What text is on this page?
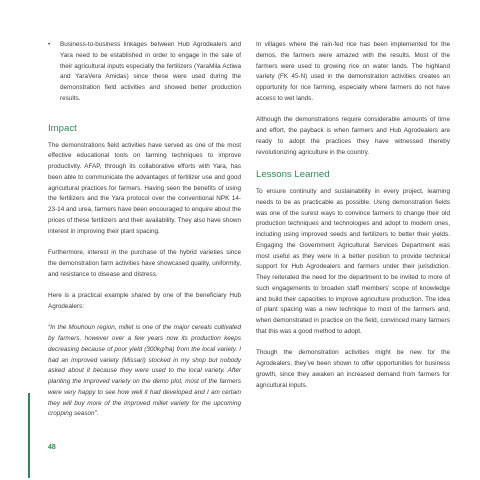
•	Business-to-business linkages between Hub Agrodealers and Yara need to be established in order to engage in the sale of their agricultural inputs especially the fertilizers (YaraMila Actiwa and YaraVera Amidas) since these were used during the demonstration field activities and showed better production results.
Impact

The demonstrations field activities have served as one of the most effective educational tools on farming techniques to improve productivity. AFAP, through its collaborative efforts with Yara, has been able to communicate the advantages of fertilizer use and good agricultural practices for farmers. Having seen the benefits of using the fertilizers and the Yara protocol over the conventional NPK 14-23-14 and urea, farmers have been encouraged to enquire about the prices of these fertilizers and their availability. They also have shown interest in improving their plant spacing.

Furthermore, interest in the purchase of the hybrid varieties since the demonstration farm activities have showcased quality, uniformity, and resistance to disease and distress.

Here is a practical example shared by one of the beneficiary Hub Agrodealers:

“In the Mouhoun region, millet is one of the major cereals cultivated by farmers, however over a few years now its production keeps decreasing because of poor yield (300kg/ha) from the local variety. I had an improved variety (Missari) stocked in my shop but nobody asked about it because they were used to the local variety. After planting the improved variety on the demo plot, most of the farmers were very happy to see how well it had developed and I am certain they will buy more of the improved millet variety for the upcoming cropping season”.

In villages where the rain-fed rice has been implemented for the demos, the farmers were amazed with the results. Most of the farmers were used to growing rice on water lands. The highland variety (FK 45-N) used in the demonstration activities creates an opportunity for rice farming, especially where farmers do not have access to wet lands.

Although the demonstrations require considerable amounts of time and effort, the payback is when farmers and Hub Agrodealers are ready to adopt the practices they have witnessed thereby revolutionizing agriculture in the country.

Lessons Learned

To ensure continuity and sustainability in every project, learning needs to be as practicable as possible. Using demonstration fields was one of the surest ways to convince farmers to change their old production techniques and technologies and adopt to modern ones, including using improved seeds and fertilizers to better their yields. Engaging the Government Agricultural Services Department was most useful as they were in a better position to provide technical support for Hub Agrodealers and farmers under their jurisdiction. They reiterated the need for the department to be invited to more of such engagements to broaden staff members’ scope of knowledge and build their capacities to improve agriculture production. The idea of plant spacing was a new technique to most of the farmers and, when demonstrated in practice on the field, convinced many farmers that this was a good method to adopt.

Though the demonstration activities might be new for the Agrodealers, they’ve been shown to offer opportunities for business growth, since they awaken an increased demand from farmers for agricultural inputs.

48
